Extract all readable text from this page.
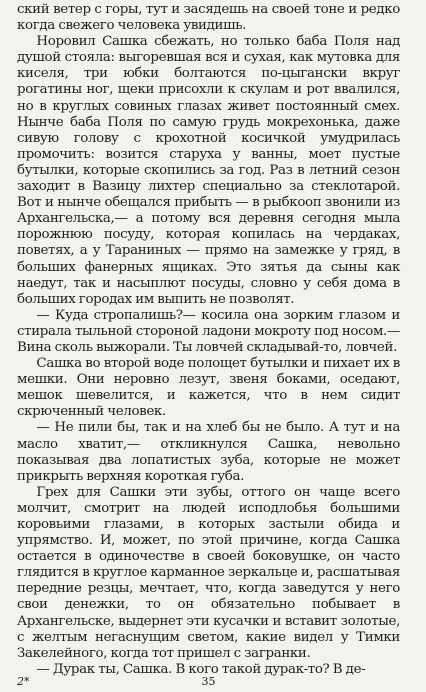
ский ветер с горы, тут и засядешь на своей тоне и редко когда свежего человека увидишь.

Норовил Сашка сбежать, но только баба Поля над душой стояла: выгоревшая вся и сухая, как мутовка для киселя, три юбки болтаются по-цыгански вкруг рогатины ног, щеки присохли к скулам и рот ввалился, но в круглых совиных глазах живет постоянный смех. Нынче баба Поля по самую грудь мокрехонька, даже сивую голову с крохотной косичкой умудрилась промочить: возится старуха у ванны, моет пустые бутылки, которые скопились за год. Раз в летний сезон заходит в Вазицу лихтер специально за стеклотарой. Вот и нынче обещался прибыть — в рыбкооп звонили из Архангельска,— а потому вся деревня сегодня мыла порожнюю посуду, которая копилась на чердаках, поветях, а у Тараниных — прямо на замежке у гряд, в больших фанерных ящиках. Это зятья да сыны как наедут, так и насыплют посуды, словно у себя дома в больших городах им выпить не позволят.

— Куда стропалишь?— косила она зорким глазом и стирала тыльной стороной ладони мокроту под носом.— Вина сколь выжорали. Ты ловчей складывай-то, ловчей.

Сашка во второй воде полощет бутылки и пихает их в мешки. Они неровно лезут, звеня боками, оседают, мешок шевелится, и кажется, что в нем сидит скрюченный человек.

— Не пили бы, так и на хлеб бы не было. А тут и на масло хватит,— откликнулся Сашка, невольно показывая два лопатистых зуба, которые не может прикрыть верхняя короткая губа.

Грех для Сашки эти зубы, оттого он чаще всего молчит, смотрит на людей исподлобья большими коровьими глазами, в которых застыли обида и упрямство. И, может, по этой причине, когда Сашка остается в одиночестве в своей боковушке, он часто глядится в круглое карманное зеркальце и, расшатывая передние резцы, мечтает, что, когда заведутся у него свои денежки, то он обязательно побывает в Архангельске, выдернет эти кусачки и вставит золотые, с желтым негаснущим светом, какие видел у Тимки Закелейного, когда тот пришел с загранки.

— Дурак ты, Сашка. В кого такой дурак-то? В де-

2*	35
